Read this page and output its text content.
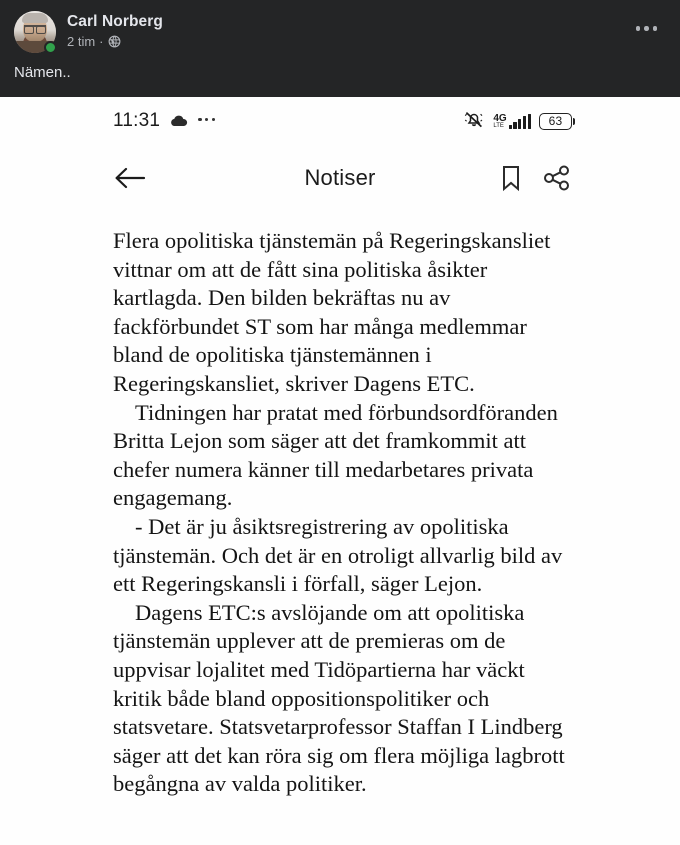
Carl Norberg
2 tim ·
Nämen..
11:31	4G
LTE	63
Notiser

Flera opolitiska tjänstemän på Regeringskansliet vittnar om att de fått sina politiska åsikter kartlagda. Den bilden bekräftas nu av fackförbundet ST som har många medlemmar bland de opolitiska tjänstemännen i Regeringskansliet, skriver Dagens ETC.

Tidningen har pratat med förbundsordföranden Britta Lejon som säger att det framkommit att chefer numera känner till medarbetares privata engagemang.

- Det är ju åsiktsregistrering av opolitiska tjänstemän. Och det är en otroligt allvarlig bild av ett Regeringskansli i förfall, säger Lejon.

Dagens ETC:s avslöjande om att opolitiska tjänstemän upplever att de premieras om de uppvisar lojalitet med Tidöpartierna har väckt kritik både bland oppositionspolitiker och statsvetare. Statsvetarprofessor Staffan I Lindberg säger att det kan röra sig om flera möjliga lagbrott begångna av valda politiker.
